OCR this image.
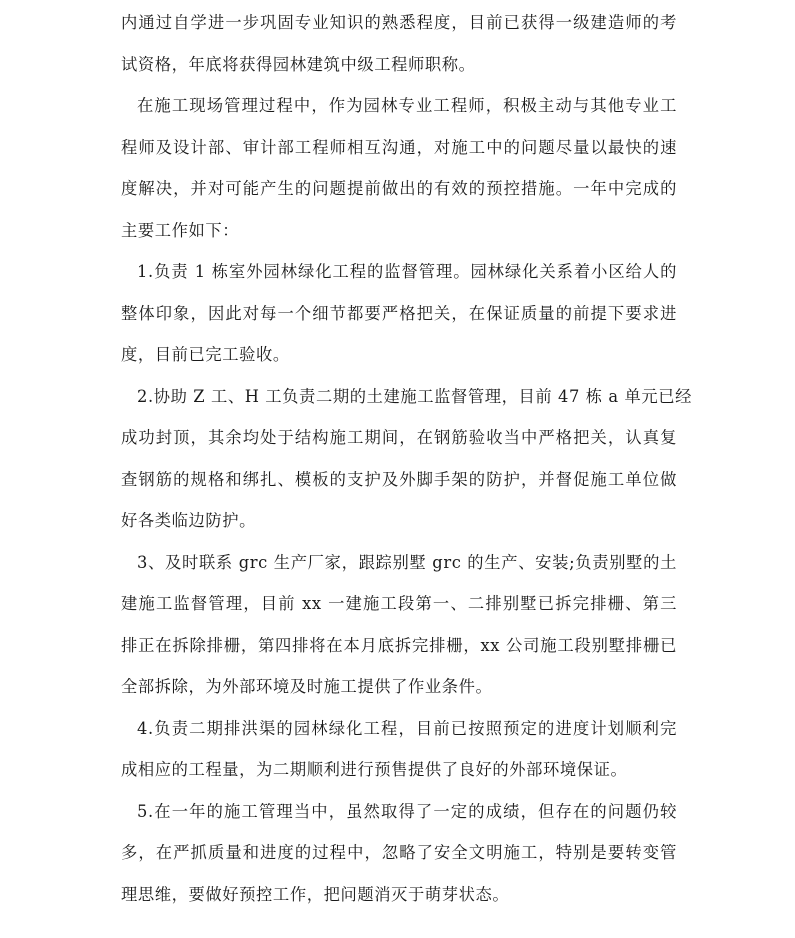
内通过自学进一步巩固专业知识的熟悉程度，目前已获得一级建造师的考
试资格，年底将获得园林建筑中级工程师职称。
在施工现场管理过程中，作为园林专业工程师，积极主动与其他专业工
程师及设计部、审计部工程师相互沟通，对施工中的问题尽量以最快的速
度解决，并对可能产生的问题提前做出的有效的预控措施。一年中完成的
主要工作如下：
1.负责 1 栋室外园林绿化工程的监督管理。园林绿化关系着小区给人的
整体印象，因此对每一个细节都要严格把关，在保证质量的前提下要求进
度，目前已完工验收。
2.协助 Z 工、H 工负责二期的土建施工监督管理，目前 47 栋 a 单元已经
成功封顶，其余均处于结构施工期间，在钢筋验收当中严格把关，认真复
查钢筋的规格和绑扎、模板的支护及外脚手架的防护，并督促施工单位做
好各类临边防护。
3、及时联系 grc 生产厂家，跟踪别墅 grc 的生产、安装;负责别墅的土
建施工监督管理，目前 xx 一建施工段第一、二排别墅已拆完排栅、第三
排正在拆除排栅，第四排将在本月底拆完排栅，xx 公司施工段别墅排栅已
全部拆除，为外部环境及时施工提供了作业条件。
4.负责二期排洪渠的园林绿化工程，目前已按照预定的进度计划顺利完
成相应的工程量，为二期顺利进行预售提供了良好的外部环境保证。
5.在一年的施工管理当中，虽然取得了一定的成绩，但存在的问题仍较
多，在严抓质量和进度的过程中，忽略了安全文明施工，特别是要转变管
理思维，要做好预控工作，把问题消灭于萌芽状态。
